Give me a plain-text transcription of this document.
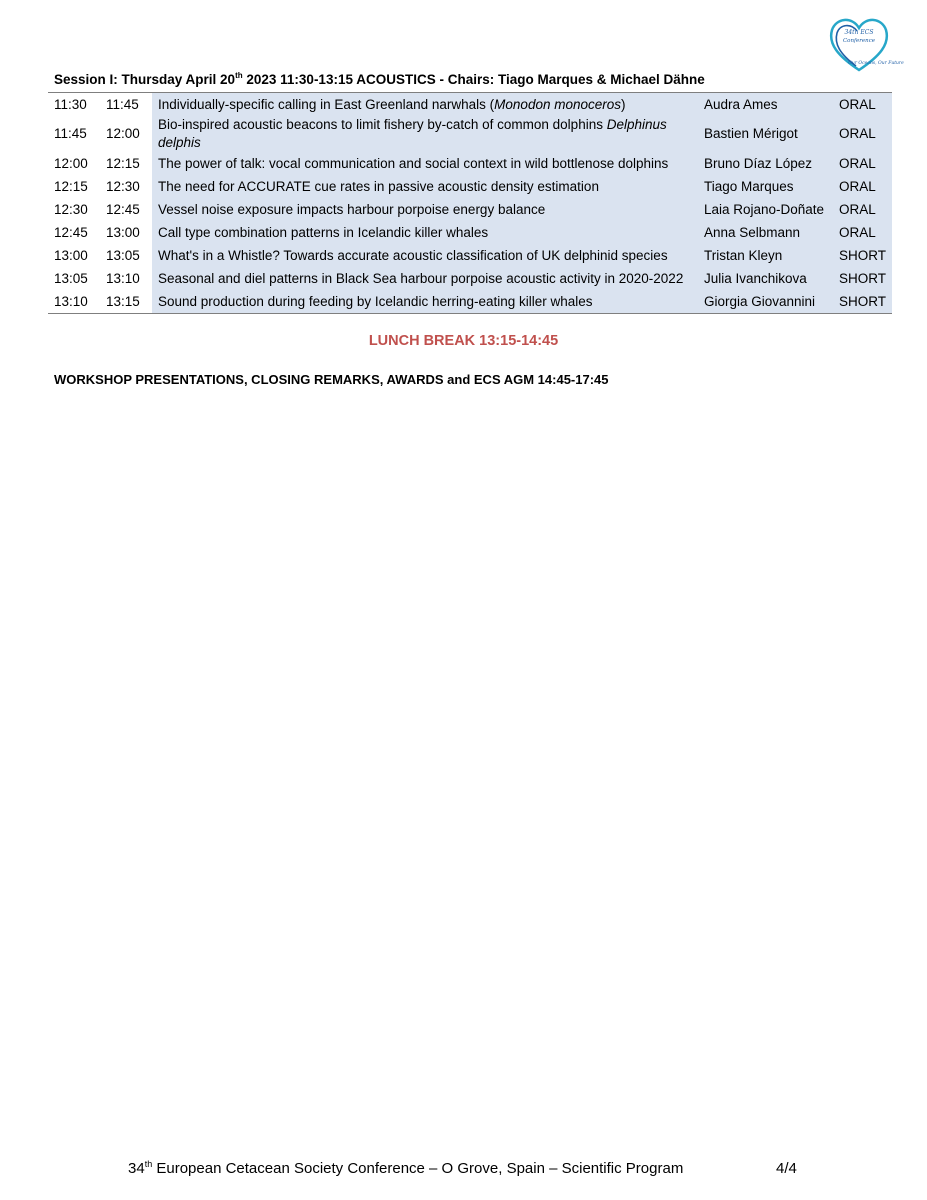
34th ECS
Conference
Our Oceans, Our Future
Session I: Thursday April 20th 2023 11:30-13:15 ACOUSTICS - Chairs: Tiago Marques & Michael Dähne
11:30	11:45	Individually-specific calling in East Greenland narwhals (Monodon monoceros)	Audra Ames	ORAL
11:45	12:00	Bio-inspired acoustic beacons to limit fishery by-catch of common dolphins Delphinus delphis	Bastien Mérigot	ORAL
12:00	12:15	The power of talk: vocal communication and social context in wild bottlenose dolphins	Bruno Díaz López	ORAL
12:15	12:30	The need for ACCURATE cue rates in passive acoustic density estimation	Tiago Marques	ORAL
12:30	12:45	Vessel noise exposure impacts harbour porpoise energy balance	Laia Rojano-Doñate	ORAL
12:45	13:00	Call type combination patterns in Icelandic killer whales	Anna Selbmann	ORAL
13:00	13:05	What's in a Whistle? Towards accurate acoustic classification of UK delphinid species	Tristan Kleyn	SHORT
13:05	13:10	Seasonal and diel patterns in Black Sea harbour porpoise acoustic activity in 2020-2022	Julia Ivanchikova	SHORT
13:10	13:15	Sound production during feeding by Icelandic herring-eating killer whales	Giorgia Giovannini	SHORT
LUNCH BREAK 13:15-14:45
WORKSHOP PRESENTATIONS, CLOSING REMARKS, AWARDS and ECS AGM 14:45-17:45
34th European Cetacean Society Conference – O Grove, Spain – Scientific Program	4/4
